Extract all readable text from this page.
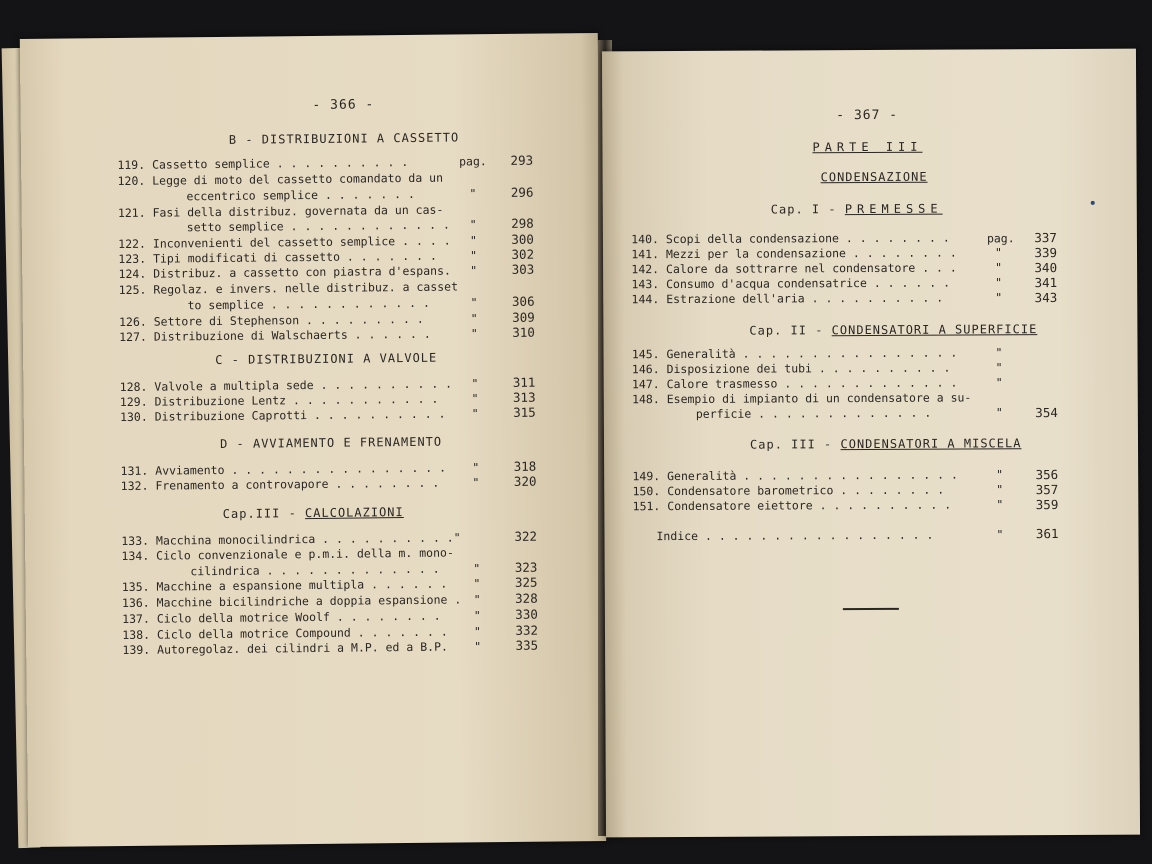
- 366 -
B - DISTRIBUZIONI A CASSETTO
119. Cassetto semplice . . . . . . . . . .	pag.	293
120. Legge di moto del cassetto comandato da un
eccentrico semplice . . . . . . .	"	296
121. Fasi della distribuz. governata da un cas-
setto semplice . . . . . . . . . . . . "	298
122. Inconvenienti del cassetto semplice . . . . "	300
123. Tipi modificati di cassetto . . . . . . .	"	302
124. Distribuz. a cassetto con piastra d'espans. "	303
125. Regolaz. e invers. nelle distribuz. a casset
to semplice . . . . . . . . . . . .	"	306
126. Settore di Stephenson . . . . . . . . .	"	309
127. Distribuzione di Walschaerts . . . . . .	"	310
C - DISTRIBUZIONI A VALVOLE
128. Valvole a multipla sede . . . . . . . . . . "	311
129. Distribuzione Lentz . . . . . . . . . . .	"	313
130. Distribuzione Caprotti . . . . . . . . . . "	315
D - AVVIAMENTO E FRENAMENTO
131. Avviamento . . . . . . . . . . . . . . . . "	318
132. Frenamento a controvapore . . . . . . . .	"	320
Cap.III - CALCOLAZIONI
133. Macchina monocilindrica . . . . . . . . . ."	322
134. Ciclo convenzionale e p.m.i. della m. mono-
cilindrica . . . . . . . . . . . . .	"	323
135. Macchine a espansione multipla . . . . . . "	325
136. Macchine bicilindriche a doppia espansione . "	328
137. Ciclo della motrice Woolf . . . . . . . .	"	330
138. Ciclo della motrice Compound . . . . . . . "	332
139. Autoregolaz. dei cilindri a M.P. ed a B.P. "	335
- 367 -
PARTE III
CONDENSAZIONE
Cap. I - PREMESSE
140. Scopi della condensazione . . . . . . . .	pag.	337
141. Mezzi per la condensazione . . . . . . . .	"	339
142. Calore da sottrarre nel condensatore . . .	"	340
143. Consumo d'acqua condensatrice . . . . . .	"	341
144. Estrazione dell'aria . . . . . . . . . .	"	343
Cap. II - CONDENSATORI A SUPERFICIE
145. Generalità . . . . . . . . . . . . . . . .	"
146. Disposizione dei tubi . . . . . . . . . .	"
147. Calore trasmesso . . . . . . . . . . . . .	"
148. Esempio di impianto di un condensatore a su-
perficie . . . . . . . . . . . . .	"	354
Cap. III - CONDENSATORI A MISCELA
149. Generalità . . . . . . . . . . . . . . . .	"	356
150. Condensatore barometrico . . . . . . . .	"	357
151. Condensatore eiettore . . . . . . . . . .	"	359
Indice . . . . . . . . . . . . . . . . .	"	361
